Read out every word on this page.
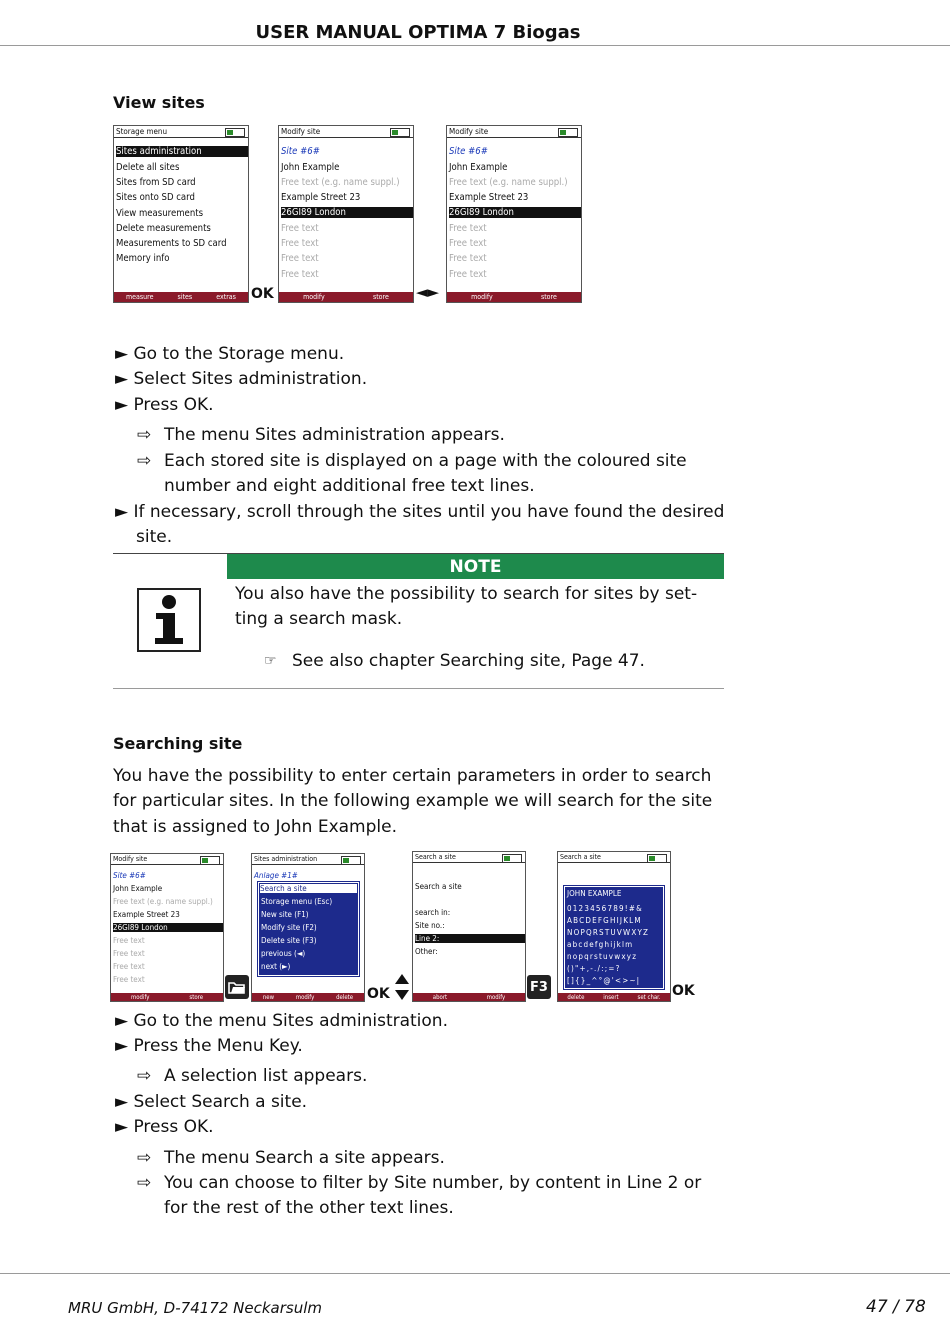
USER MANUAL OPTIMA 7 Biogas
View sites
Storage menu
Sites administration
Delete all sites
Sites from SD card
Sites onto SD card
View measurements
Delete measurements
Measurements to SD card
Memory info
measure	sites	extras OK
Modify site
Site #6#
John Example
Free text (e.g. name suppl.)
Example Street 23
26GI89 London
Free text
Free text
Free text
Free text
modify	store ◄►
Modify site
Site #6#
John Example
Free text (e.g. name suppl.)
Example Street 23
26GI89 London
Free text
Free text
Free text
Free text
modify	store
► Go to the Storage menu.
► Select Sites administration.
► Press OK.
⇨ The menu Sites administration appears.
⇨ Each stored site is displayed on a page with the coloured site
number and eight additional free text lines.
► If necessary, scroll through the sites until you have found the desired
site.
NOTE
You also have the possibility to search for sites by set-
ting a search mask.
☞ See also chapter Searching site, Page 47.
Searching site
You have the possibility to enter certain parameters in order to search
for particular sites. In the following example we will search for the site
that is assigned to John Example.
Modify site
Site #6#
John Example
Free text (e.g. name suppl.)
Example Street 23
26GI89 London
Free text
Free text
Free text
Free text
modify	store
Sites administration
Anlage #1#
Search a site
Storage menu (Esc)
New site (F1)
Modify site (F2)
Delete site (F3)
previous (◄)
next (►)
new	modify	delete OK
Search a site
Search a site
search in:
Site no.:
Line 2:
Other:
abort	modify
F3
Search a site
JOHN EXAMPLE
0123456789!#&
ABCDEFGHIJKLM
NOPQRSTUVWXYZ
abcdefghijklm
nopqrstuvwxyz
()"+,-./:;=?
[]{}_^°@'<>~|
delete	insert	set char. OK
► Go to the menu Sites administration.
► Press the Menu Key.
⇨ A selection list appears.
► Select Search a site.
► Press OK.
⇨ The menu Search a site appears.
⇨ You can choose to filter by Site number, by content in Line 2 or
for the rest of the other text lines.
MRU GmbH, D-74172 Neckarsulm	47 / 78
